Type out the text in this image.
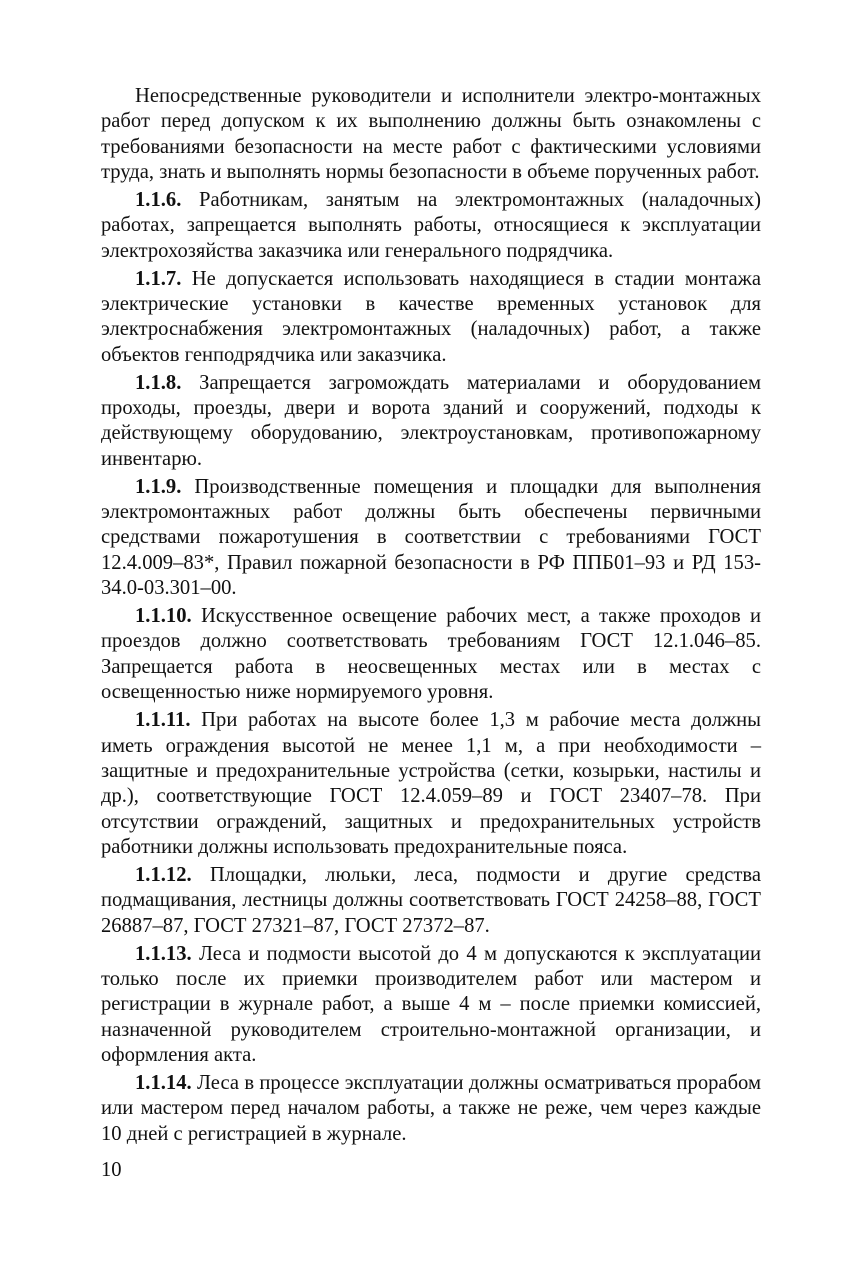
Непосредственные руководители и исполнители электро-монтажных работ перед допуском к их выполнению должны быть ознакомлены с требованиями безопасности на месте работ с фактическими условиями труда, знать и выполнять нормы безопасности в объеме порученных работ.

1.1.6. Работникам, занятым на электромонтажных (наладочных) работах, запрещается выполнять работы, относящиеся к эксплуатации электрохозяйства заказчика или генерального подрядчика.

1.1.7. Не допускается использовать находящиеся в стадии монтажа электрические установки в качестве временных установок для электроснабжения электромонтажных (наладочных) работ, а также объектов генподрядчика или заказчика.

1.1.8. Запрещается загромождать материалами и оборудованием проходы, проезды, двери и ворота зданий и сооружений, подходы к действующему оборудованию, электроустановкам, противопожарному инвентарю.

1.1.9. Производственные помещения и площадки для выполнения электромонтажных работ должны быть обеспечены первичными средствами пожаротушения в соответствии с требованиями ГОСТ 12.4.009–83*, Правил пожарной безопасности в РФ ППБ01–93 и РД 153-34.0-03.301–00.

1.1.10. Искусственное освещение рабочих мест, а также проходов и проездов должно соответствовать требованиям ГОСТ 12.1.046–85. Запрещается работа в неосвещенных местах или в местах с освещенностью ниже нормируемого уровня.

1.1.11. При работах на высоте более 1,3 м рабочие места должны иметь ограждения высотой не менее 1,1 м, а при необходимости – защитные и предохранительные устройства (сетки, козырьки, настилы и др.), соответствующие ГОСТ 12.4.059–89 и ГОСТ 23407–78. При отсутствии ограждений, защитных и предохранительных устройств работники должны использовать предохранительные пояса.

1.1.12. Площадки, люльки, леса, подмости и другие средства подмащивания, лестницы должны соответствовать ГОСТ 24258–88, ГОСТ 26887–87, ГОСТ 27321–87, ГОСТ 27372–87.

1.1.13. Леса и подмости высотой до 4 м допускаются к эксплуатации только после их приемки производителем работ или мастером и регистрации в журнале работ, а выше 4 м – после приемки комиссией, назначенной руководителем строительно-монтажной организации, и оформления акта.

1.1.14. Леса в процессе эксплуатации должны осматриваться прорабом или мастером перед началом работы, а также не реже, чем через каждые 10 дней с регистрацией в журнале.

10
